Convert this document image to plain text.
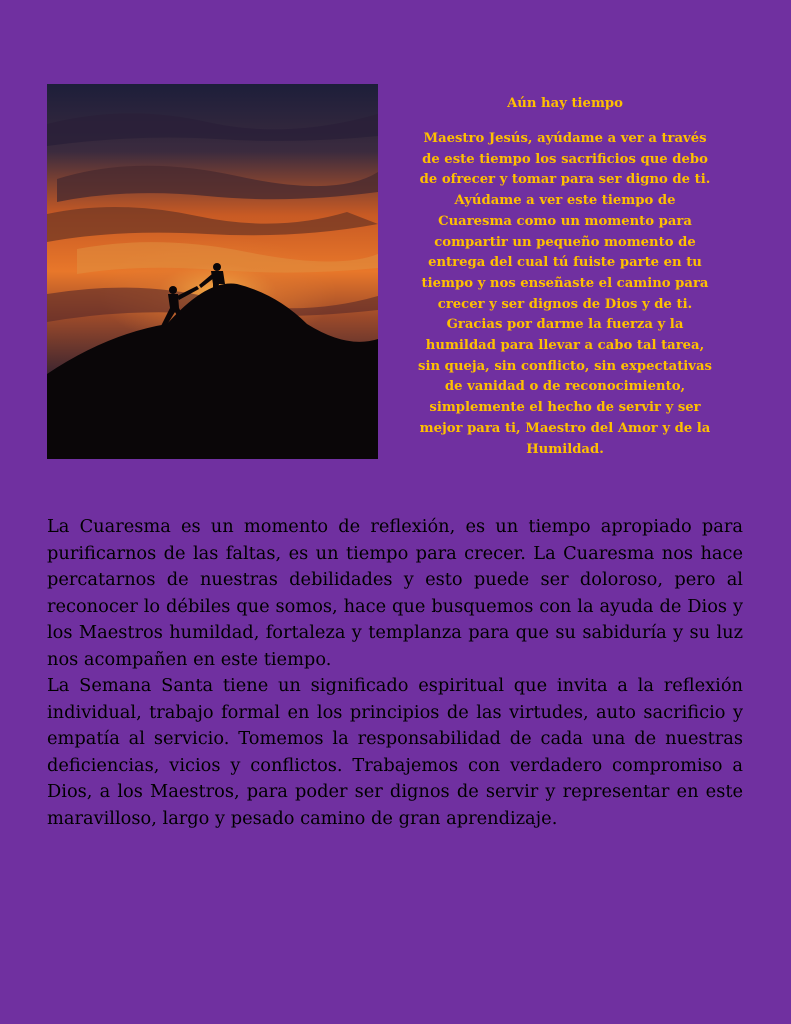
Aún hay tiempo
Maestro Jesús, ayúdame a ver a través
de este tiempo los sacrificios que debo
de ofrecer y tomar para ser digno de ti.
Ayúdame a ver este tiempo de
Cuaresma como un momento para
compartir un pequeño momento de
entrega del cual tú fuiste parte en tu
tiempo y nos enseñaste el camino para
crecer y ser dignos de Dios y de ti.
Gracias por darme la fuerza y la
humildad para llevar a cabo tal tarea,
sin queja, sin conflicto, sin expectativas
de vanidad o de reconocimiento,
simplemente el hecho de servir y ser
mejor para ti, Maestro del Amor y de la
Humildad.

La Cuaresma es un momento de reflexión, es un tiempo apropiado para purificarnos de las faltas, es un tiempo para crecer. La Cuaresma nos hace percatarnos de nuestras debilidades y esto puede ser doloroso, pero al reconocer lo débiles que somos, hace que busquemos con la ayuda de Dios y los Maestros humildad, fortaleza y templanza para que su sabiduría y su luz nos acompañen en este tiempo.

La Semana Santa tiene un significado espiritual que invita a la reflexión individual, trabajo formal en los principios de las virtudes, auto sacrificio y empatía al servicio. Tomemos la responsabilidad de cada una de nuestras deficiencias, vicios y conflictos. Trabajemos con verdadero compromiso a Dios, a los Maestros, para poder ser dignos de servir y representar en este maravilloso, largo y pesado camino de gran aprendizaje.
